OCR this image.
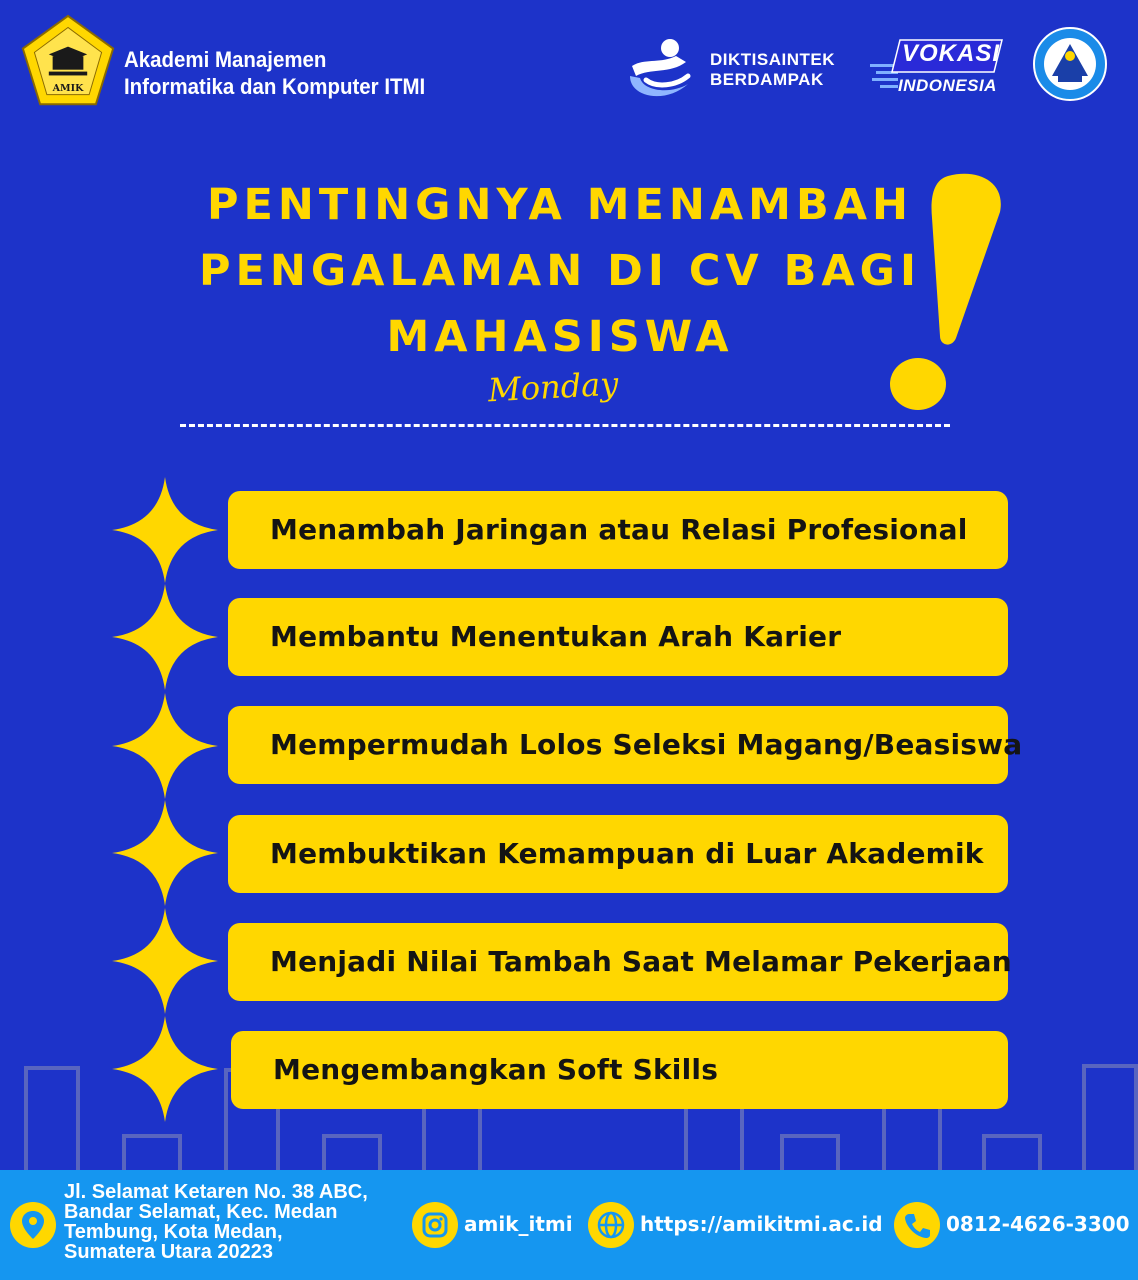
AMIK
Akademi Manajemen
Informatika dan Komputer ITMI
DIKTISAINTEK
BERDAMPAK
VOKASI
INDONESIA
PENTINGNYA MENAMBAH
PENGALAMAN DI CV BAGI
MAHASISWA
Monday
Menambah Jaringan atau Relasi Profesional
Membantu Menentukan Arah Karier
Mempermudah Lolos Seleksi Magang/Beasiswa
Membuktikan Kemampuan di Luar Akademik
Menjadi Nilai Tambah Saat Melamar Pekerjaan
Mengembangkan Soft Skills
Jl. Selamat Ketaren No. 38 ABC,
Bandar Selamat, Kec. Medan
Tembung, Kota Medan,
Sumatera Utara 20223
amik_itmi	https://amikitmi.ac.id	0812-4626-3300
